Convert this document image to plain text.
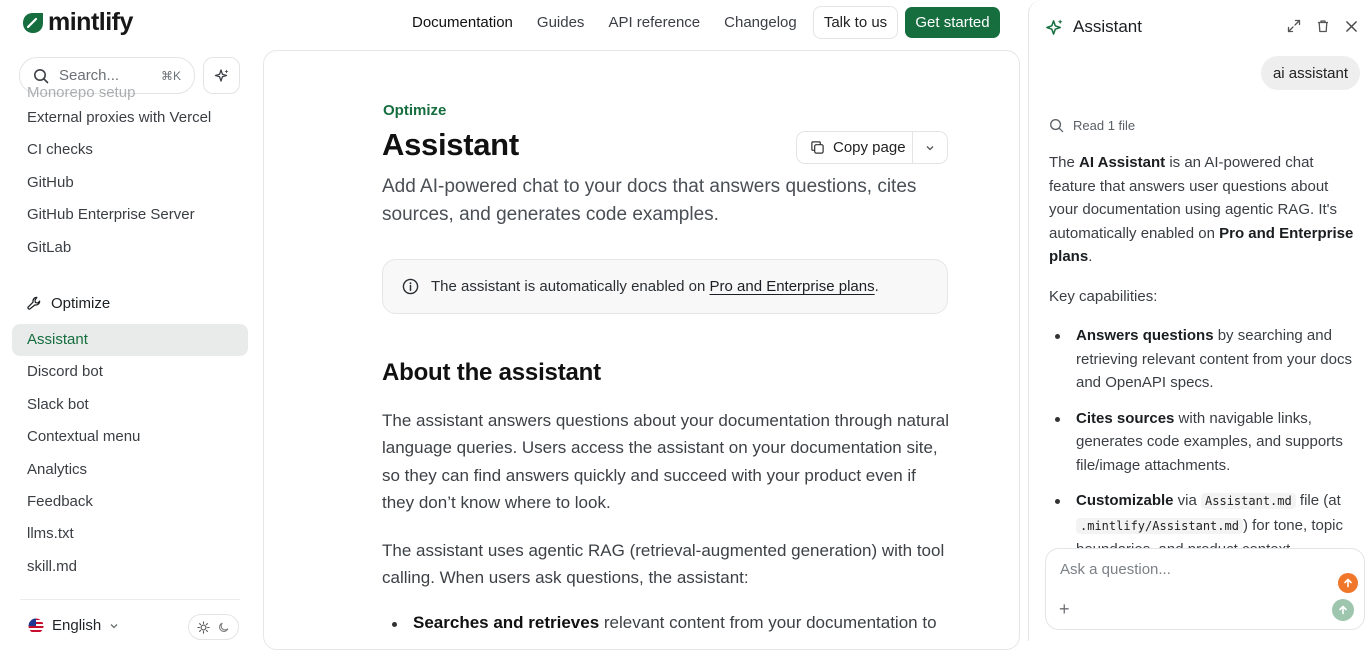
mintlify	Documentation Guides API reference Changelog	Talk to us	Get started
Search...	⌘K
Monorepo setup
External proxies with Vercel
CI checks
GitHub
GitHub Enterprise Server
GitLab
Optimize
Assistant
Discord bot
Slack bot
Contextual menu
Analytics
Feedback
llms.txt
skill.md
English
Optimize
Assistant	Copy page

Add AI-powered chat to your docs that answers questions, cites sources, and generates code examples.

The assistant is automatically enabled on Pro and Enterprise plans.
About the assistant

The assistant answers questions about your documentation through natural language queries. Users access the assistant on your documentation site, so they can find answers quickly and succeed with your product even if they don’t know where to look.

The assistant uses agentic RAG (retrieval-augmented generation) with tool calling. When users ask questions, the assistant:

Searches and retrieves relevant content from your documentation to
Assistant
ai assistant
Read 1 file

The AI Assistant is an AI-powered chat feature that answers user questions about your documentation using agentic RAG. It's automatically enabled on Pro and Enterprise plans.

Key capabilities:

Answers questions by searching and retrieving relevant content from your docs and OpenAPI specs.
Cites sources with navigable links, generates code examples, and supports file/image attachments.
Customizable via Assistant.md file (at .mintlify/Assistant.md ) for tone, topic
Ask a question...
+
